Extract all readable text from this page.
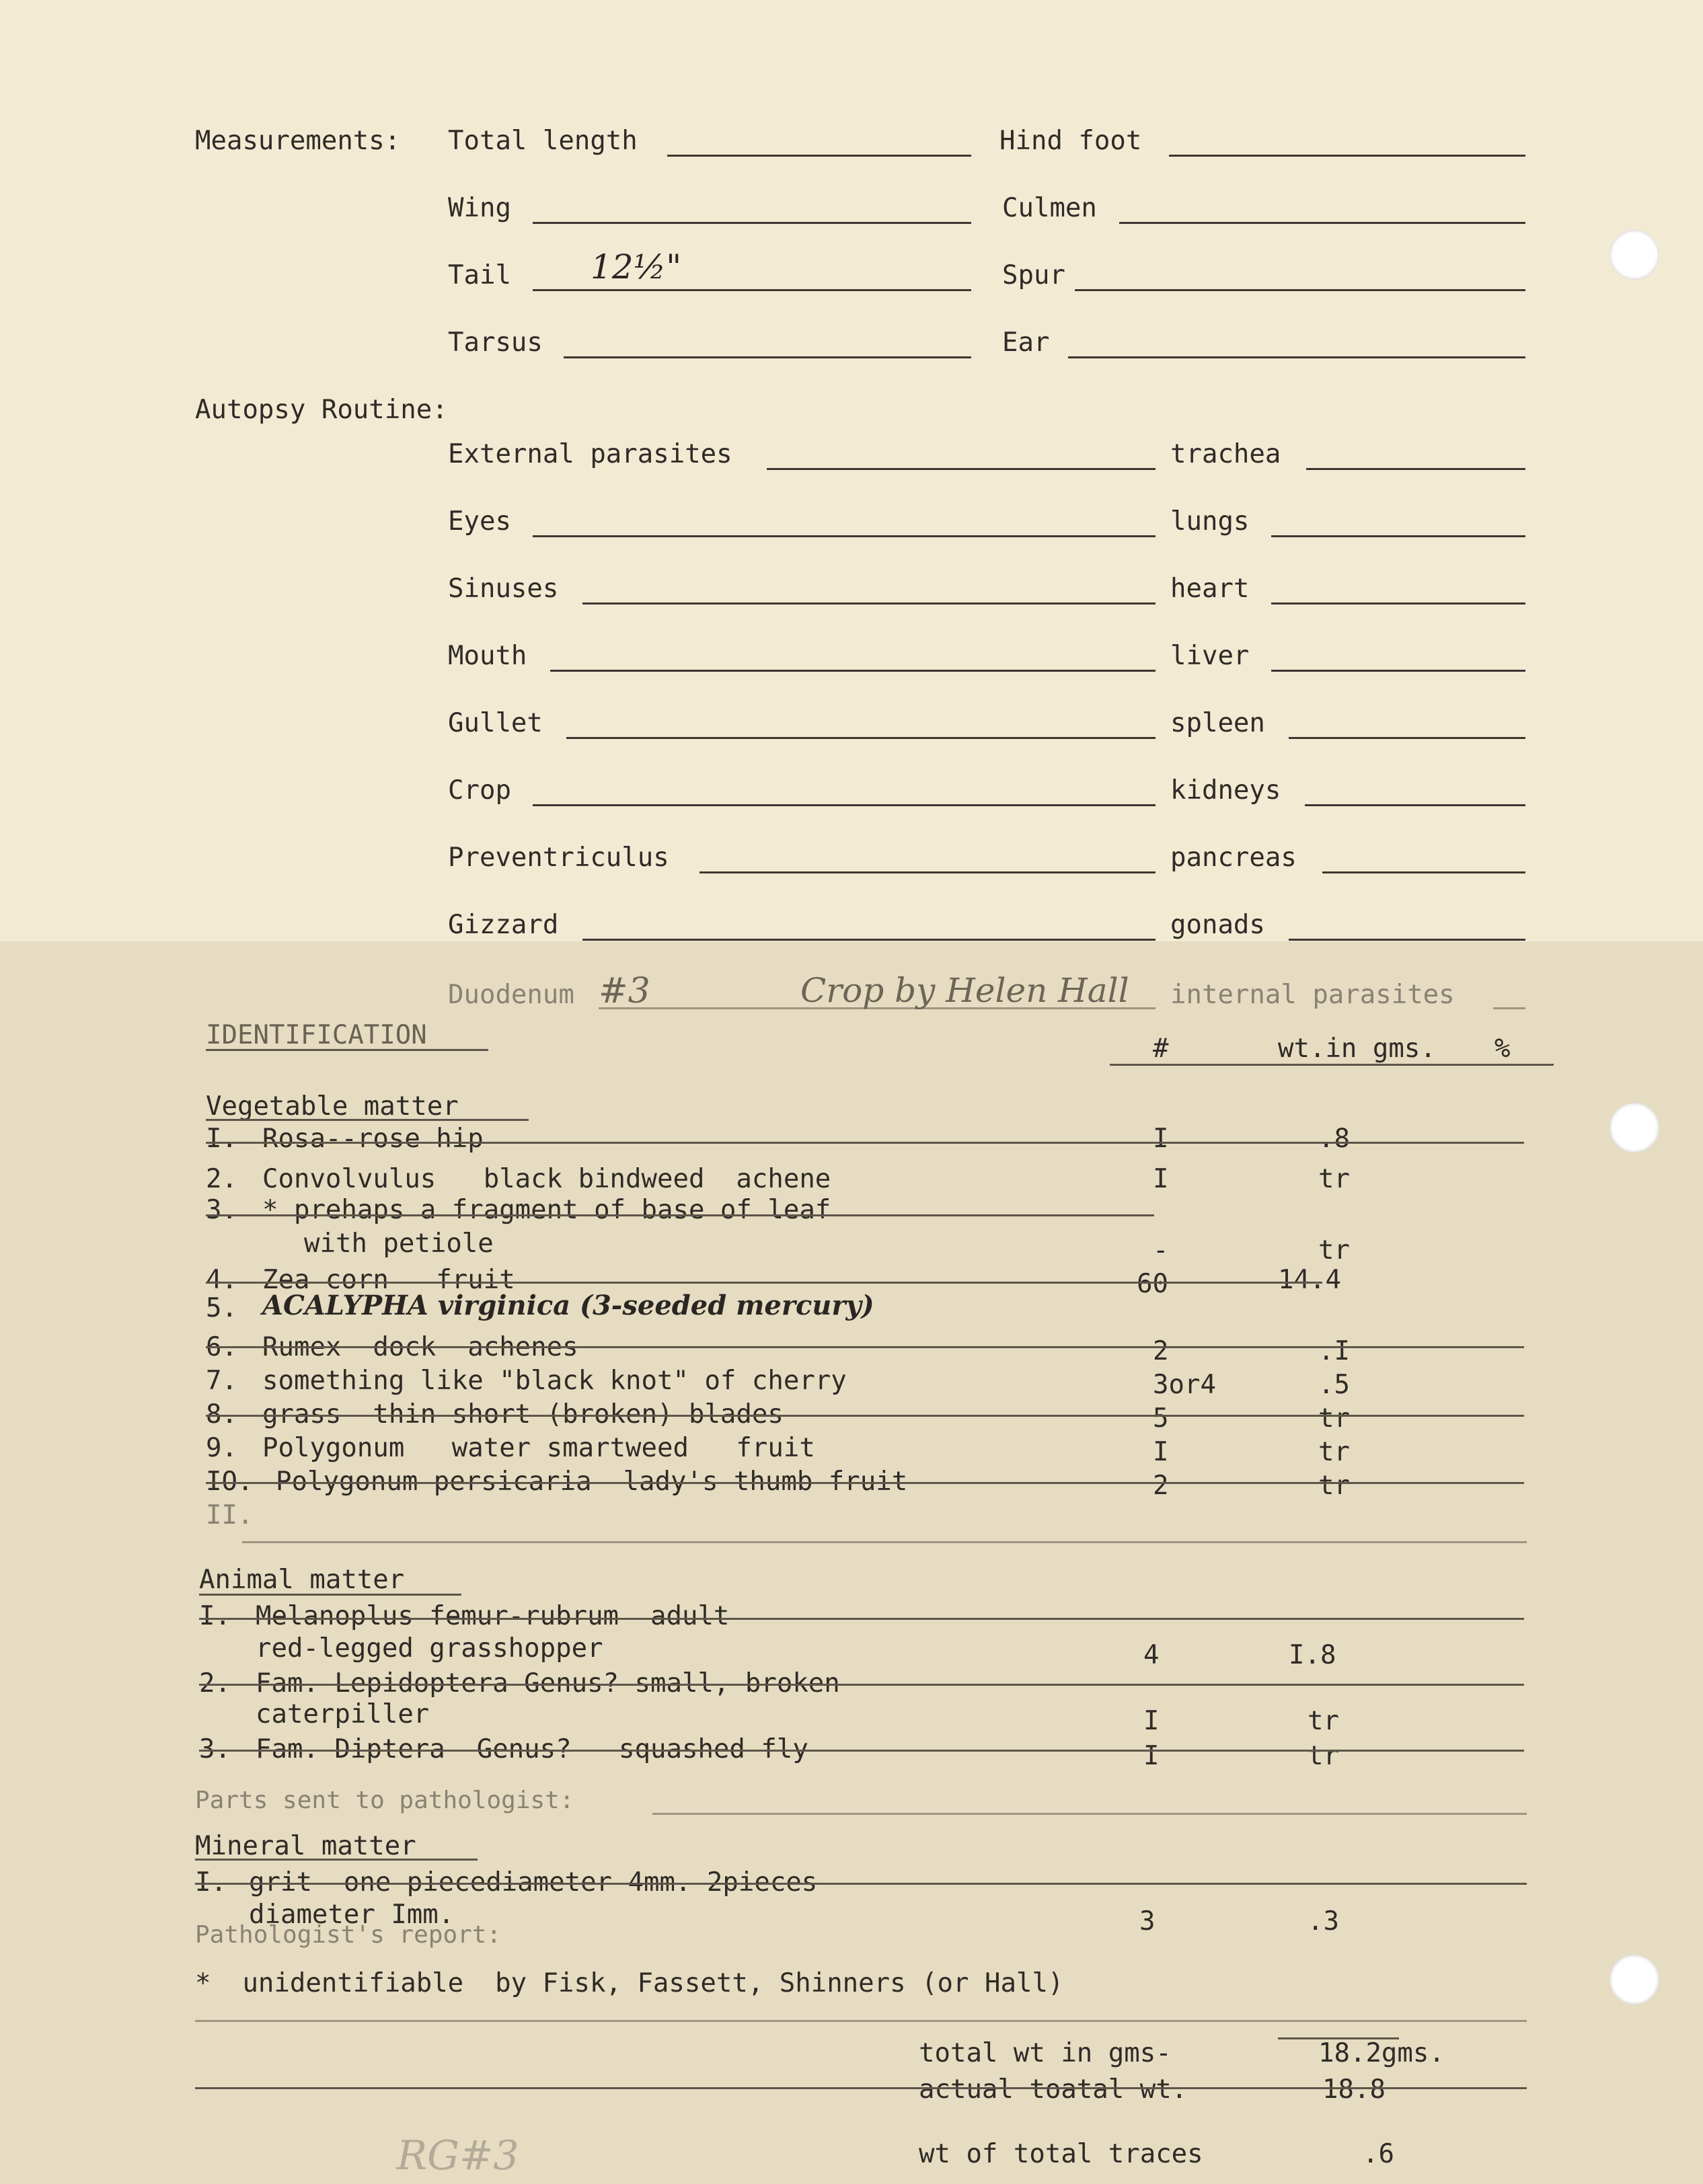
Measurements: Total length	Hind foot
Wing	Culmen
Tail 12½"	Spur
Tarsus	Ear
Autopsy Routine:
External parasites	trachea
Eyes	lungs
Sinuses	heart
Mouth	liver
Gullet	spleen
Crop	kidneys
Preventriculus	pancreas
Gizzard	gonads
Duodenum	internal parasites
#3	Crop by Helen Hall
IDENTIFICATION	#	wt.in gms. %
Vegetable matter
I. Rosa--rose hip	I	.8
2. Convolvulus   black bindweed  achene	I	tr
3. * prehaps a fragment of base of leaf
with petiole	-	tr
4. Zea corn   fruit	60	14.4
5. ACALYPHA virginica (3-seeded mercury)
6. Rumex  dock  achenes	2	.I
7. something like "black knot" of cherry	3or4	.5
8. grass  thin short (broken) blades	5	tr
9. Polygonum   water smartweed   fruit	I	tr
IO. Polygonum persicaria  lady's thumb fruit	2	tr
II.
Animal matter
I. Melanoplus femur-rubrum  adult
red-legged grasshopper	4	I.8
2. Fam. Lepidoptera Genus? small, broken
caterpiller	I	tr
3. Fam. Diptera  Genus?   squashed fly	I	tr
Parts sent to pathologist:
Mineral matter
I. grit  one piecediameter 4mm. 2pieces
diameter Imm.	3	.3
Pathologist's report:
*  unidentifiable  by Fisk, Fassett, Shinners (or Hall)
total wt in gms-	18.2gms.
actual toatal wt.	18.8
wt of total traces	.6
RG#3
